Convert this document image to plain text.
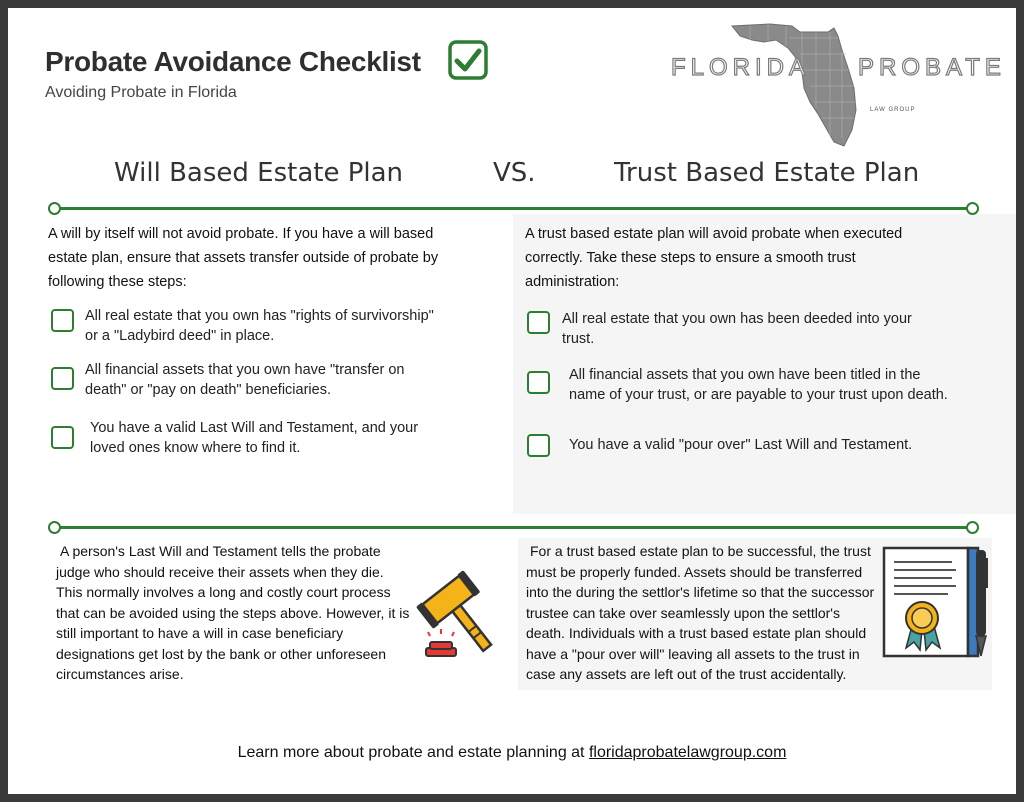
Probate Avoidance Checklist
Avoiding Probate in Florida
FLORIDA PROBATE
LAW GROUP
Will Based Estate Plan	VS.	Trust Based Estate Plan
A will by itself will not avoid probate. If you have a will based estate plan, ensure that assets transfer outside of probate by following these steps:
All real estate that you own has "rights of survivorship"
or a "Ladybird deed" in place.
All financial assets that you own have "transfer on
death" or "pay on death" beneficiaries.
You have a valid Last Will and Testament, and your
loved ones know where to find it.
A trust based estate plan will avoid probate when executed correctly. Take these steps to ensure a smooth trust administration:
All real estate that you own has been deeded into your
trust.
All financial assets that you own have been titled in the
name of your trust, or are payable to your trust upon death.
You have a valid "pour over" Last Will and Testament.
A person's Last Will and Testament tells the probate judge who should receive their assets when they die. This normally involves a long and costly court process that can be avoided using the steps above. However, it is still important to have a will in case beneficiary designations get lost by the bank or other unforeseen circumstances arise.
For a trust based estate plan to be successful, the trust must be properly funded. Assets should be transferred into the during the settlor's lifetime so that the successor trustee can take over seamlessly upon the settlor's death. Individuals with a trust based estate plan should have a "pour over will" leaving all assets to the trust in case any assets are left out of the trust accidentally.
Learn more about probate and estate planning at floridaprobatelawgroup.com
